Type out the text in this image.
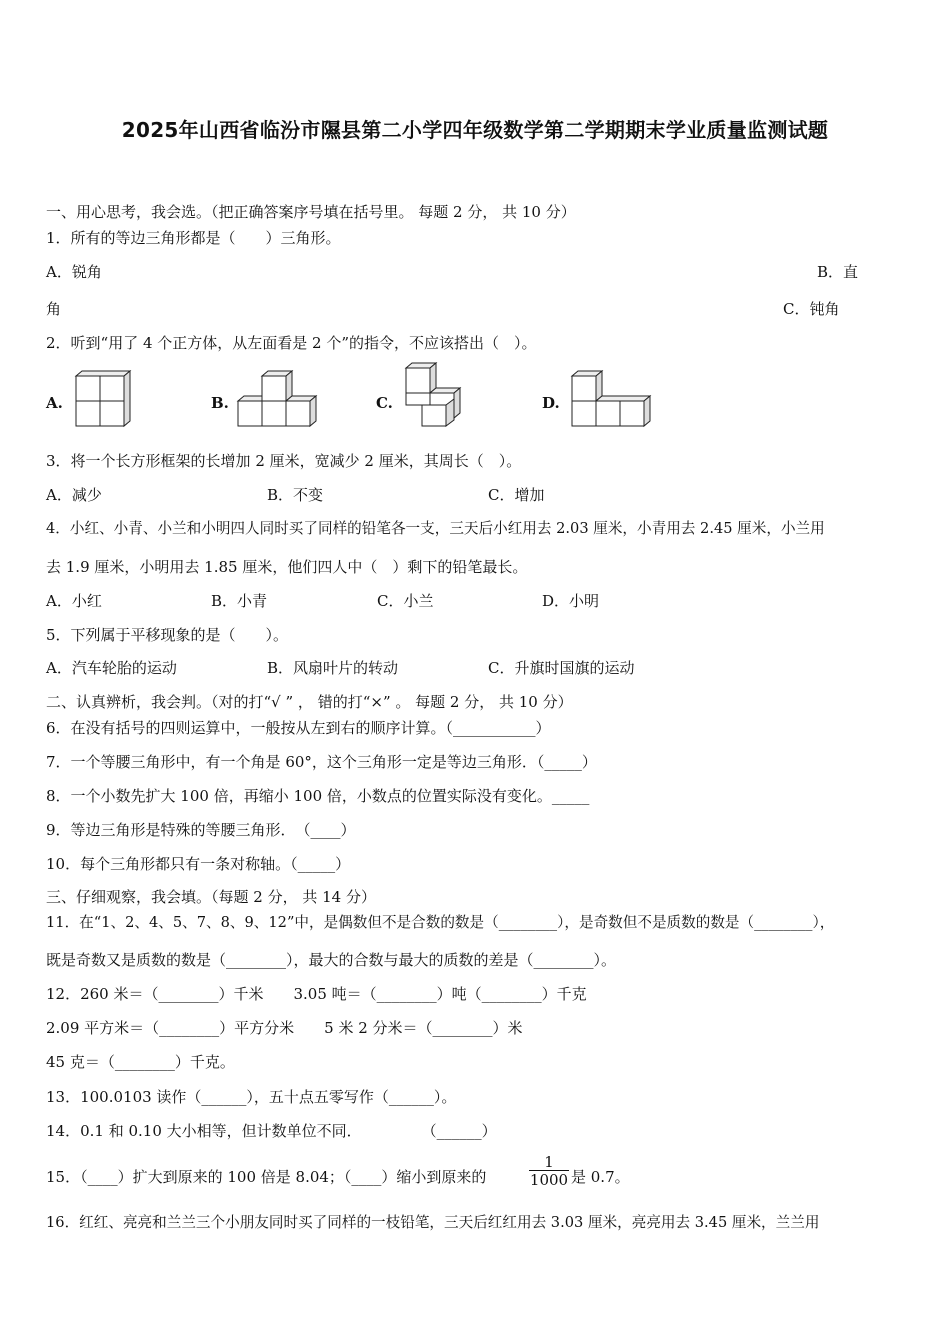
2025年山西省临汾市隰县第二小学四年级数学第二学期期末学业质量监测试题
一、用心思考，我会选。（把正确答案序号填在括号里。 每题 2 分， 共 10 分）
1．所有的等边三角形都是（　　）三角形。
A．锐角	B．直
角	C．钝角
2．听到“用了 4 个正方体，从左面看是 2 个”的指令，不应该搭出（　）。
A.	B.	C.	D.
3．将一个长方形框架的长增加 2 厘米，宽减少 2 厘米，其周长（　）。
A．减少	B．不变	C．增加
4．小红、小青、小兰和小明四人同时买了同样的铅笔各一支，三天后小红用去 2.03 厘米，小青用去 2.45 厘米，小兰用
去 1.9 厘米，小明用去 1.85 厘米，他们四人中（　）剩下的铅笔最长。
A．小红	B．小青	C．小兰	D．小明
5．下列属于平移现象的是（　　）。
A．汽车轮胎的运动	B．风扇叶片的转动	C．升旗时国旗的运动
二、认真辨析，我会判。（对的打“√ ” ， 错的打“×” 。 每题 2 分， 共 10 分）
6．在没有括号的四则运算中，一般按从左到右的顺序计算。（___________）
7．一个等腰三角形中，有一个角是 60°，这个三角形一定是等边三角形．（_____）
8．一个小数先扩大 100 倍，再缩小 100 倍，小数点的位置实际没有变化。_____
9．等边三角形是特殊的等腰三角形．　（____）
10．每个三角形都只有一条对称轴。（_____）
三、仔细观察，我会填。（每题 2 分， 共 14 分）
11．在“1、2、4、5、7、8、9、12”中，是偶数但不是合数的数是（________），是奇数但不是质数的数是（________），
既是奇数又是质数的数是（________），最大的合数与最大的质数的差是（________）。
12．260 米＝（________）千米　　3.05 吨＝（________）吨（________）千克
2.09 平方米＝（________）平方分米　　5 米 2 分米＝（________）米
45 克＝（________）千克。
13．100.0103 读作（______），五十点五零写作（______）。
14．0.1 和 0.10 大小相等，但计数单位不同．　　　　　（______）
15．（____）扩大到原来的 100 倍是 8.04；（____）缩小到原来的	$\frac{1}{1000}$ 是 0.7。
16．红红、亮亮和兰兰三个小朋友同时买了同样的一枝铅笔，三天后红红用去 3.03 厘米，亮亮用去 3.45 厘米，兰兰用
